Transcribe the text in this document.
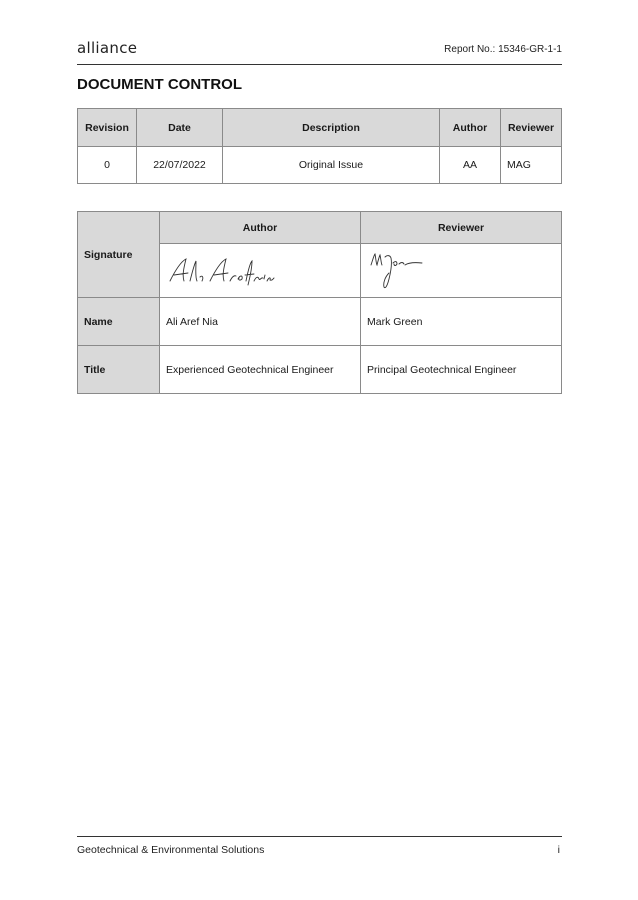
alliance	Report No.: 15346-GR-1-1
DOCUMENT CONTROL
Revision	Date	Description	Author	Reviewer
0	22/07/2022	Original Issue	AA	MAG
Signature	Author	Reviewer

Name	Ali Aref Nia	Mark Green
Title	Experienced Geotechnical Engineer	Principal Geotechnical Engineer
Geotechnical & Environmental Solutions	i
